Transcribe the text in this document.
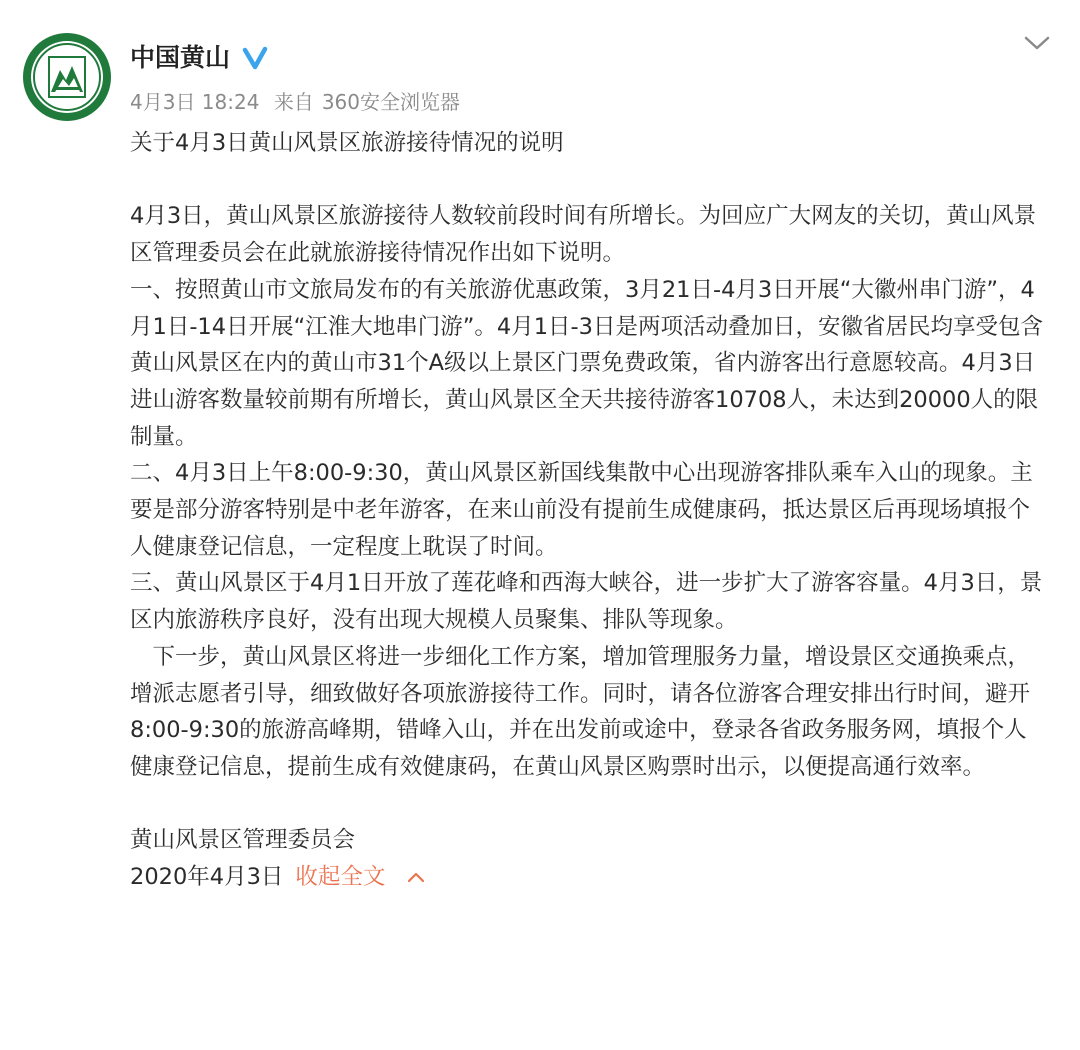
中国黄山
4月3日 18:24 来自 360安全浏览器

关于4月3日黄山风景区旅游接待情况的说明

4月3日，黄山风景区旅游接待人数较前段时间有所增长。为回应广大网友的关切，黄山风景区管理委员会在此就旅游接待情况作出如下说明。

一、按照黄山市文旅局发布的有关旅游优惠政策，3月21日-4月3日开展“大徽州串门游”，4月1日-14日开展“江淮大地串门游”。4月1日-3日是两项活动叠加日，安徽省居民均享受包含黄山风景区在内的黄山市31个A级以上景区门票免费政策，省内游客出行意愿较高。4月3日进山游客数量较前期有所增长，黄山风景区全天共接待游客10708人，未达到20000人的限制量。

二、4月3日上午8:00-9:30，黄山风景区新国线集散中心出现游客排队乘车入山的现象。主要是部分游客特别是中老年游客，在来山前没有提前生成健康码，抵达景区后再现场填报个人健康登记信息，一定程度上耽误了时间。

三、黄山风景区于4月1日开放了莲花峰和西海大峡谷，进一步扩大了游客容量。4月3日，景区内旅游秩序良好，没有出现大规模人员聚集、排队等现象。

　下一步，黄山风景区将进一步细化工作方案，增加管理服务力量，增设景区交通换乘点，增派志愿者引导，细致做好各项旅游接待工作。同时，请各位游客合理安排出行时间，避开8:00-9:30的旅游高峰期，错峰入山，并在出发前或途中，登录各省政务服务网，填报个人健康登记信息，提前生成有效健康码，在黄山风景区购票时出示，以便提高通行效率。

黄山风景区管理委员会

2020年4月3日 收起全文
